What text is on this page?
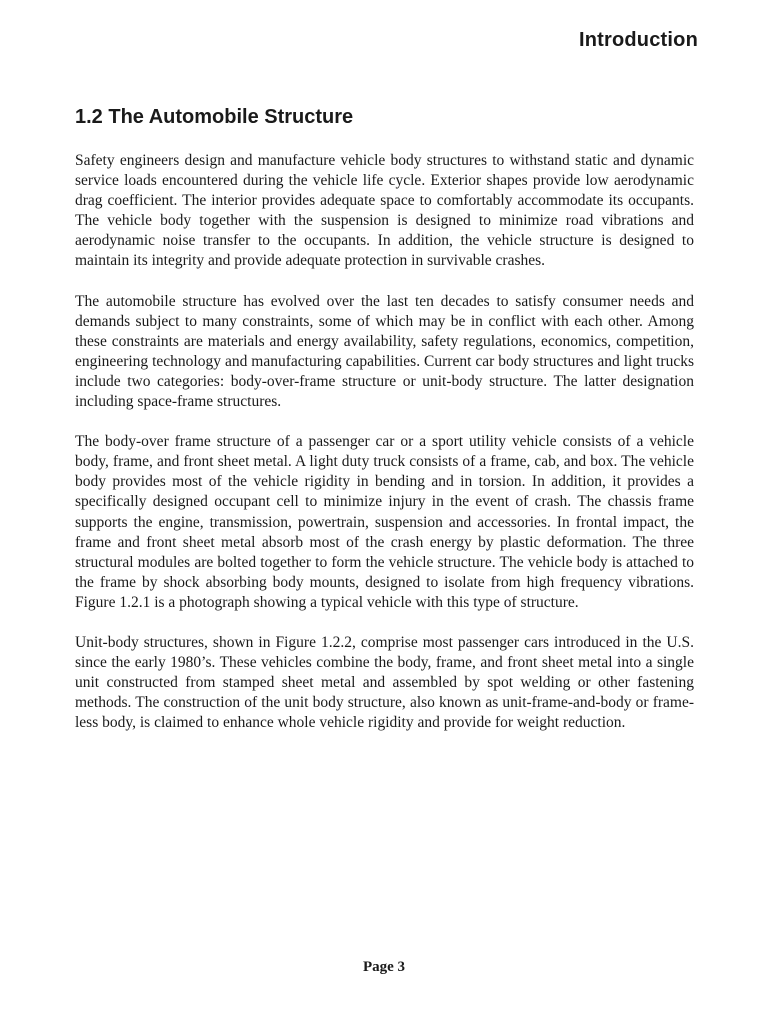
Introduction
1.2 The Automobile Structure

Safety engineers design and manufacture vehicle body structures to withstand static and dynamic service loads encountered during the vehicle life cycle. Exterior shapes provide low aerodynamic drag coefficient. The interior provides adequate space to comfortably accommodate its occupants. The vehicle body together with the suspension is designed to minimize road vibrations and aerodynamic noise transfer to the occupants. In addition, the vehicle structure is designed to maintain its integrity and provide adequate protection in survivable crashes.

The automobile structure has evolved over the last ten decades to satisfy consumer needs and demands subject to many constraints, some of which may be in conflict with each other. Among these constraints are materials and energy availability, safety regulations, economics, competition, engineering technology and manufacturing capabilities. Current car body structures and light trucks include two categories: body-over-frame structure or unit-body structure. The latter designation including space-frame structures.

The body-over frame structure of a passenger car or a sport utility vehicle consists of a vehicle body, frame, and front sheet metal. A light duty truck consists of a frame, cab, and box. The vehicle body provides most of the vehicle rigidity in bending and in torsion. In addition, it provides a specifically designed occupant cell to minimize injury in the event of crash. The chassis frame supports the engine, transmission, powertrain, suspension and accessories. In frontal impact, the frame and front sheet metal absorb most of the crash energy by plastic deformation. The three structural modules are bolted together to form the vehicle structure. The vehicle body is attached to the frame by shock absorbing body mounts, designed to isolate from high frequency vibrations. Figure 1.2.1 is a photograph showing a typical vehicle with this type of structure.

Unit-body structures, shown in Figure 1.2.2, comprise most passenger cars introduced in the U.S. since the early 1980’s. These vehicles combine the body, frame, and front sheet metal into a single unit constructed from stamped sheet metal and assembled by spot welding or other fastening methods. The construction of the unit body structure, also known as unit-frame-and-body or frame-less body, is claimed to enhance whole vehicle rigidity and provide for weight reduction.

Page 3
